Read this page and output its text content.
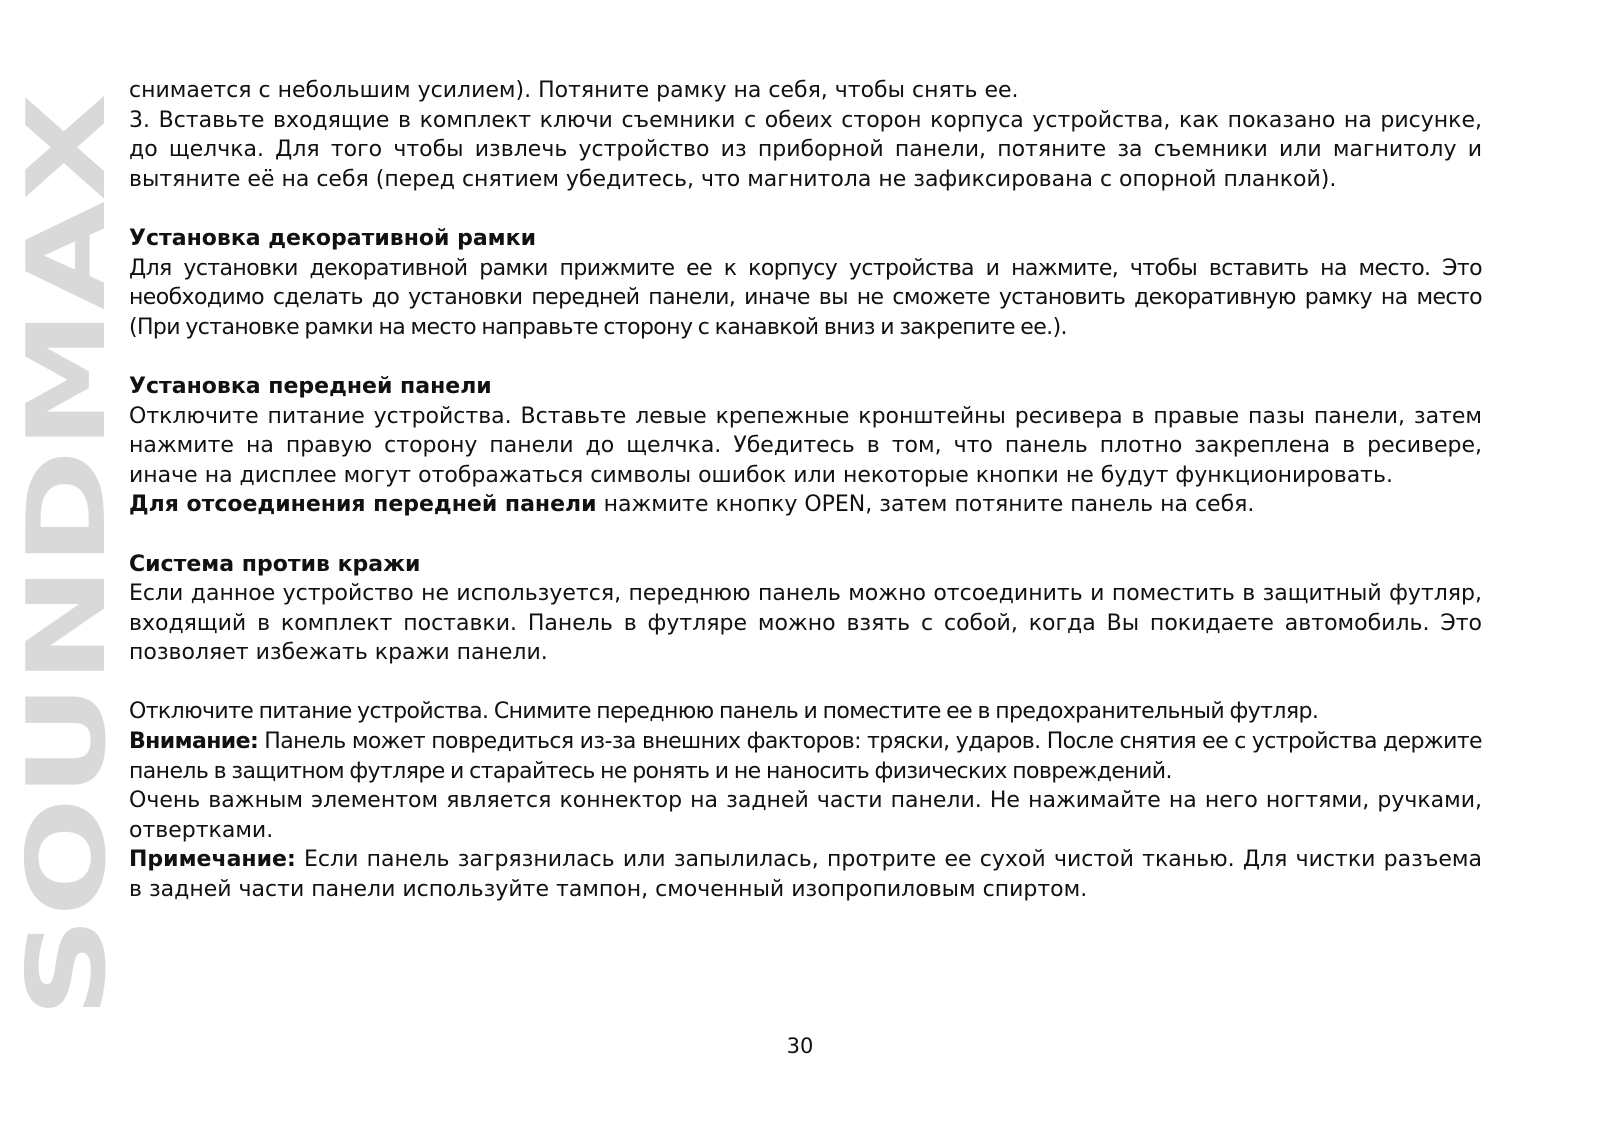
SOUNDMAX

снимается с небольшим усилием). Потяните рамку на себя, чтобы снять ее.

3. Вставьте входящие в комплект ключи съемники с обеих сторон корпуса устройства, как показано на рисунке, до щелчка. Для того чтобы извлечь устройство из приборной панели, потяните за съемники или магнитолу и вытяните её на себя (перед снятием убедитесь, что магнитола не зафиксирована с опорной планкой).

Установка декоративной рамки

Для установки декоративной рамки прижмите ее к корпусу устройства и нажмите, чтобы вставить на место. Это необходимо сделать до установки передней панели, иначе вы не сможете установить декоративную рамку на место (При установке рамки на место направьте сторону с канавкой вниз и закрепите ее.).

Установка передней панели

Отключите питание устройства. Вставьте левые крепежные кронштейны ресивера в правые пазы панели, затем нажмите на правую сторону панели до щелчка. Убедитесь в том, что панель плотно закреплена в ресивере, иначе на дисплее могут отображаться символы ошибок или некоторые кнопки не будут функционировать.

Для отсоединения передней панели нажмите кнопку OPEN, затем потяните панель на себя.

Система против кражи

Если данное устройство не используется, переднюю панель можно отсоединить и поместить в защитный футляр, входящий в комплект поставки. Панель в футляре можно взять с собой, когда Вы покидаете автомобиль. Это позволяет избежать кражи панели.

Отключите питание устройства. Снимите переднюю панель и поместите ее в предохранительный футляр.

Внимание: Панель может повредиться из-за внешних факторов: тряски, ударов. После снятия ее с устройства держите панель в защитном футляре и старайтесь не ронять и не наносить физических повреждений.

Очень важным элементом является коннектор на задней части панели. Не нажимайте на него ногтями, ручками, отвертками.

Примечание: Если панель загрязнилась или запылилась, протрите ее сухой чистой тканью. Для чистки разъема в задней части панели используйте тампон, смоченный изопропиловым спиртом.

30
